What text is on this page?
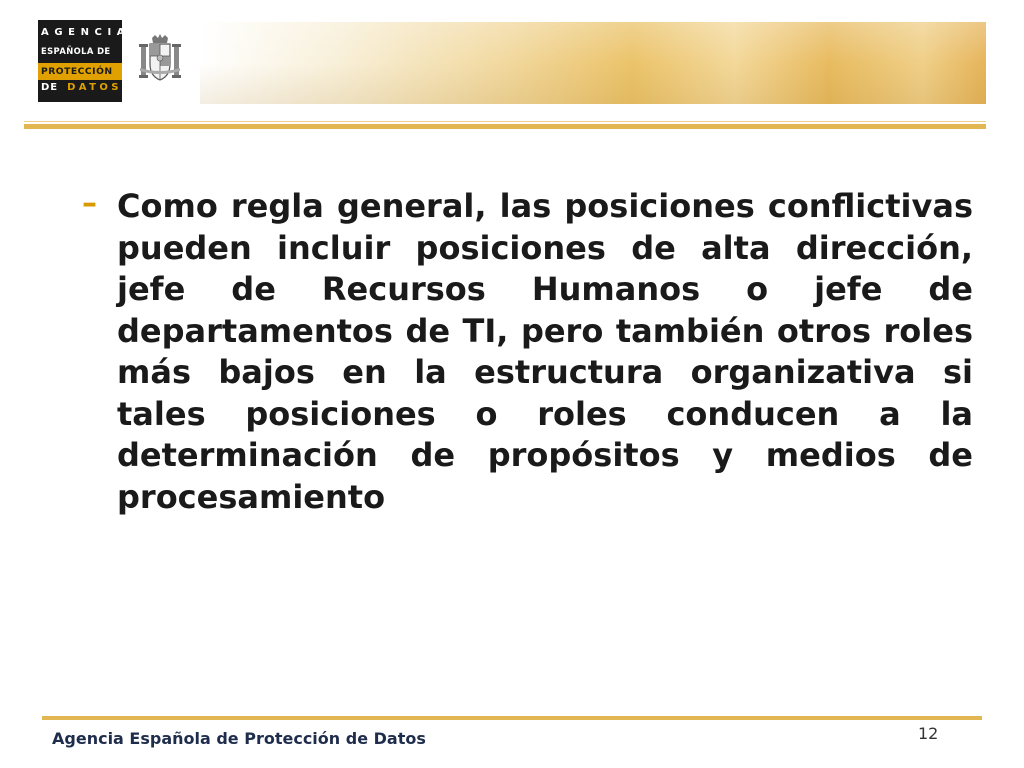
AGENCIA
ESPAÑOLA DE
PROTECCIÓN
DE DATOS
– Como regla general, las posiciones conflictivas pueden incluir posiciones de alta dirección, jefe de Recursos Humanos o jefe de departamentos de TI, pero también otros roles más bajos en la estructura organizativa si tales posiciones o roles conducen a la determinación de propósitos y medios de procesamiento

Agencia Española de Protección de Datos	12
